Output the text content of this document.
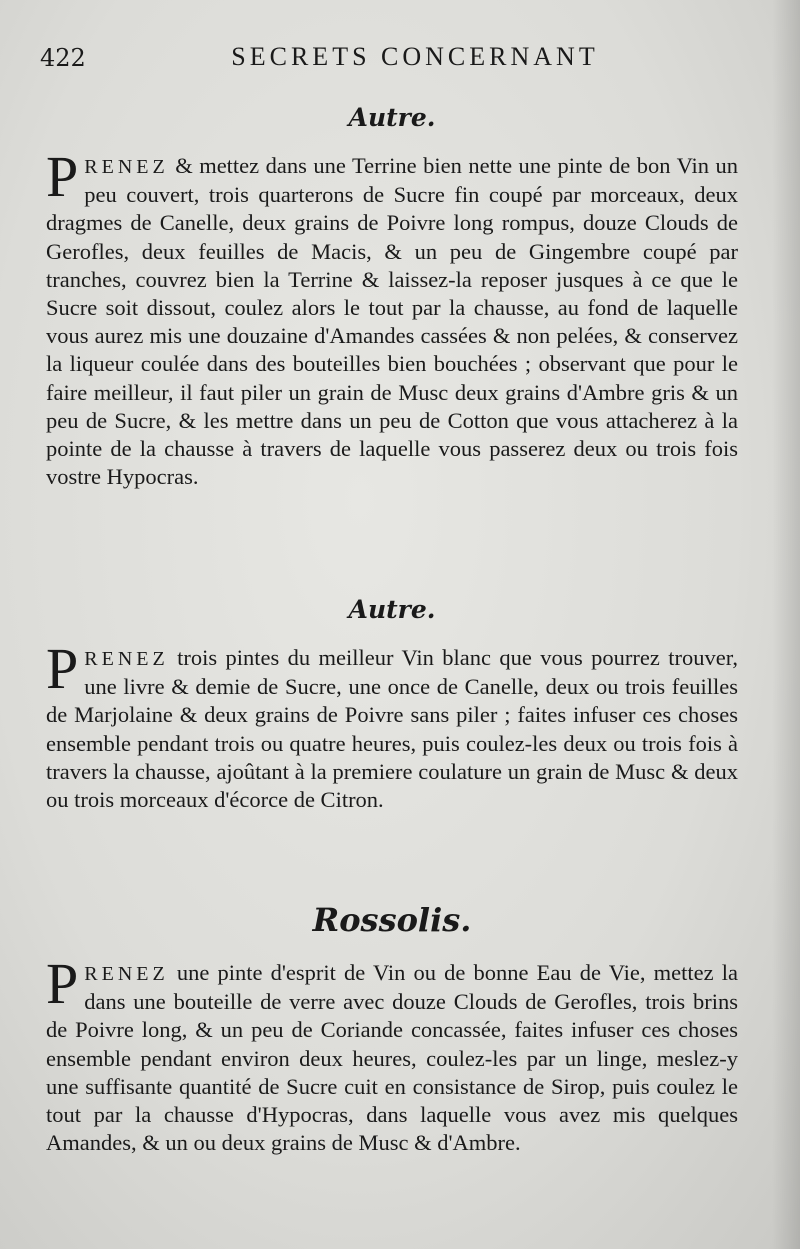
422	SECRETS CONCERNANT
Autre.

PRENEZ & mettez dans une Terrine bien nette une pinte de bon Vin un peu couvert, trois quarterons de Sucre fin coupé par morceaux, deux dragmes de Canelle, deux grains de Poivre long rompus, douze Clouds de Gerofles, deux feuilles de Macis, & un peu de Gingembre coupé par tranches, couvrez bien la Terrine & laissez-la reposer jusques à ce que le Sucre soit dissout, coulez alors le tout par la chausse, au fond de laquelle vous aurez mis une douzaine d'Amandes cassées & non pelées, & conservez la liqueur coulée dans des bouteilles bien bouchées ; observant que pour le faire meilleur, il faut piler un grain de Musc deux grains d'Ambre gris & un peu de Sucre, & les mettre dans un peu de Cotton que vous attacherez à la pointe de la chausse à travers de laquelle vous passerez deux ou trois fois vostre Hypocras.

Autre.

PRENEZ trois pintes du meilleur Vin blanc que vous pourrez trouver, une livre & demie de Sucre, une once de Canelle, deux ou trois feuilles de Marjolaine & deux grains de Poivre sans piler ; faites infuser ces choses ensemble pendant trois ou quatre heures, puis coulez-les deux ou trois fois à travers la chausse, ajoûtant à la premiere coulature un grain de Musc & deux ou trois morceaux d'écorce de Citron.

Rossolis.

PRENEZ une pinte d'esprit de Vin ou de bonne Eau de Vie, mettez la dans une bouteille de verre avec douze Clouds de Gerofles, trois brins de Poivre long, & un peu de Coriande concassée, faites infuser ces choses ensemble pendant environ deux heures, coulez-les par un linge, meslez-y une suffisante quantité de Sucre cuit en consistance de Sirop, puis coulez le tout par la chausse d'Hypocras, dans laquelle vous avez mis quelques Amandes, & un ou deux grains de Musc & d'Ambre.
